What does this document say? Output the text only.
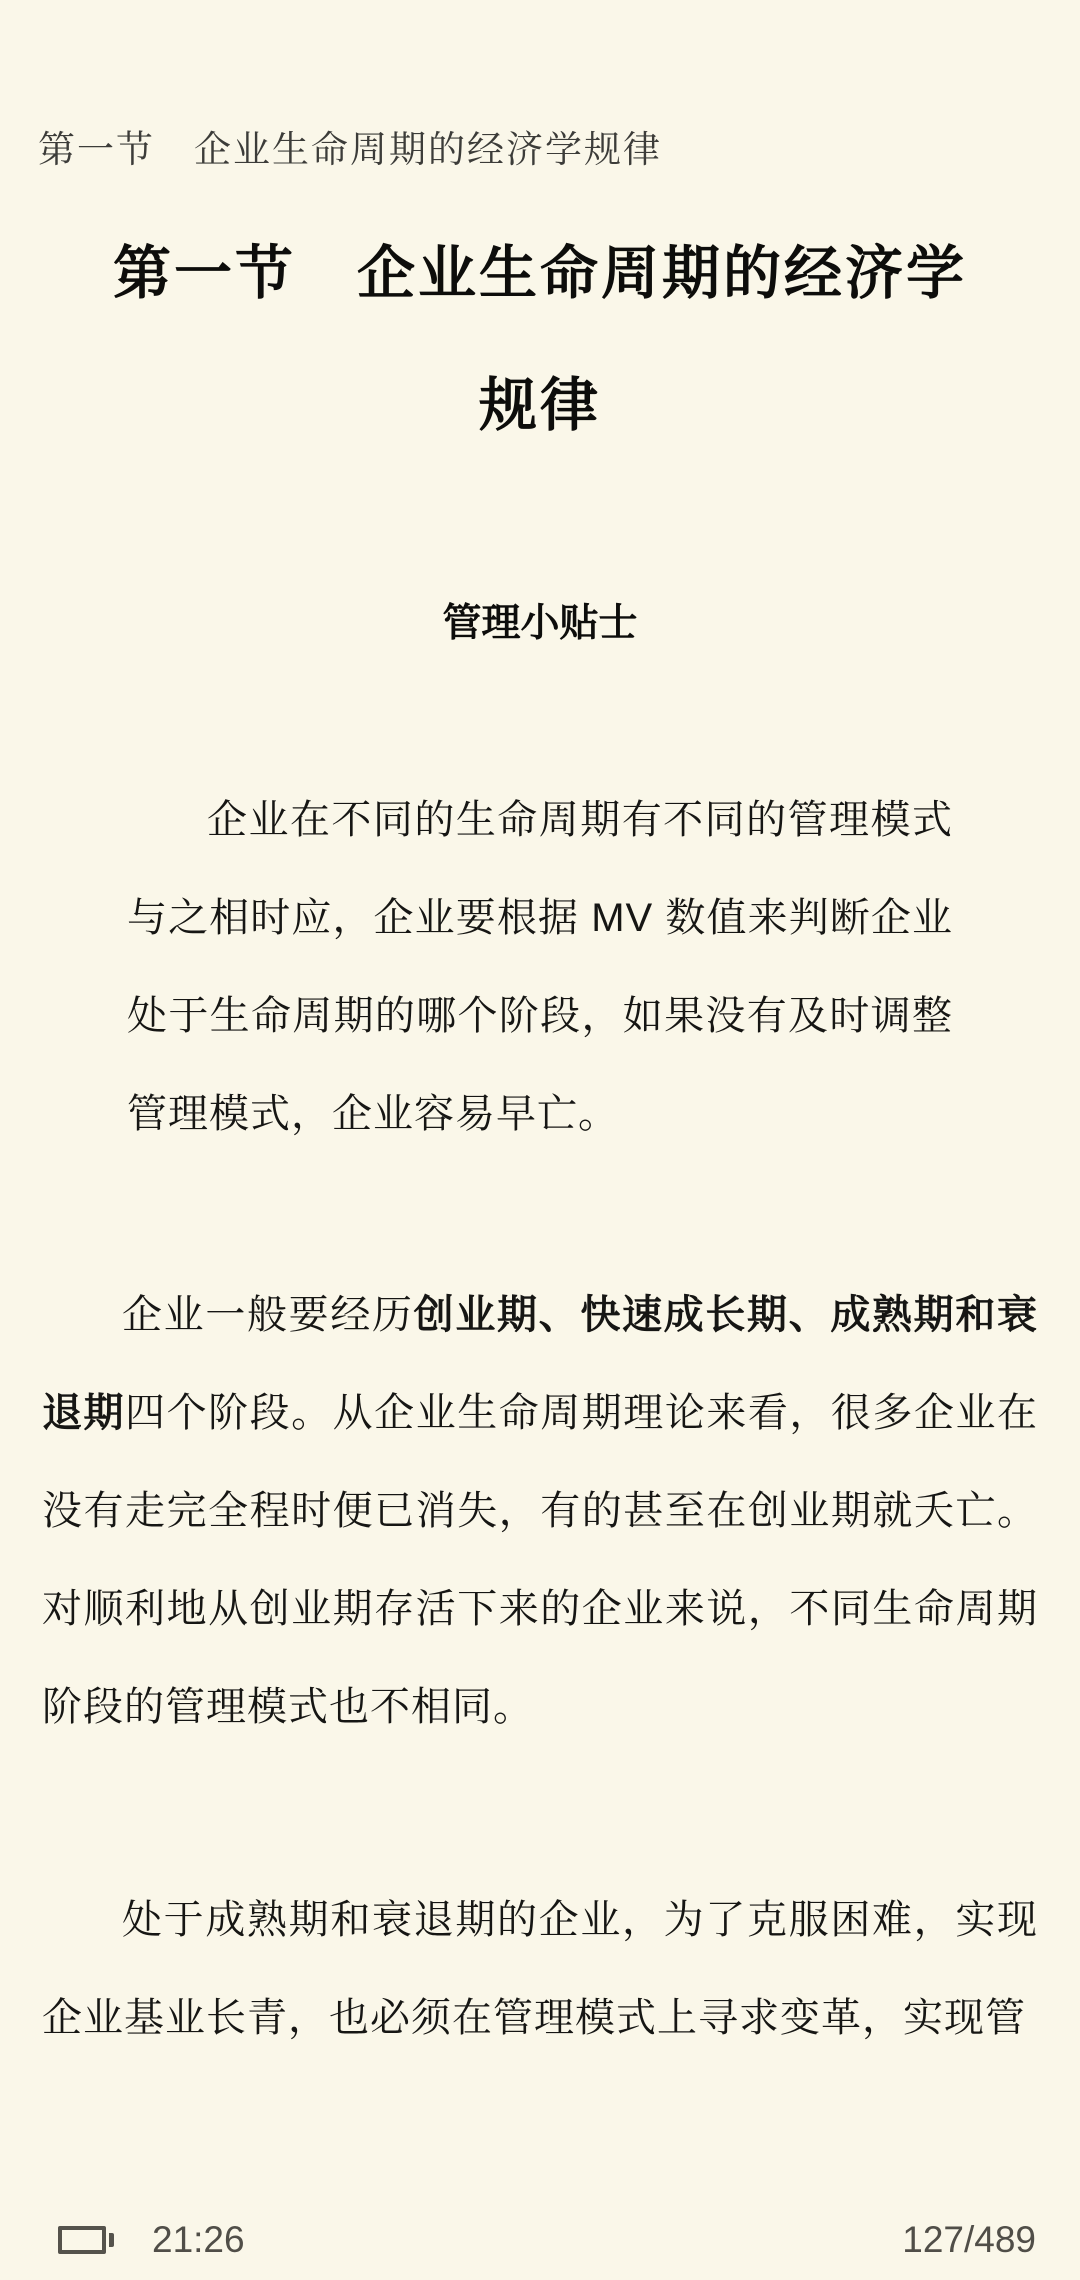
第一节　企业生命周期的经济学规律
第一节　企业生命周期的经济学
规律
管理小贴士
企业在不同的生命周期有不同的管理模式与之相时应，企业要根据 MV 数值来判断企业处于生命周期的哪个阶段，如果没有及时调整管理模式，企业容易早亡。

企业一般要经历创业期、快速成长期、成熟期和衰退期四个阶段。从企业生命周期理论来看，很多企业在没有走完全程时便已消失，有的甚至在创业期就夭亡。对顺利地从创业期存活下来的企业来说，不同生命周期阶段的管理模式也不相同。

处于成熟期和衰退期的企业，为了克服困难，实现企业基业长青，也必须在管理模式上寻求变革，实现管

21:26	127/489
